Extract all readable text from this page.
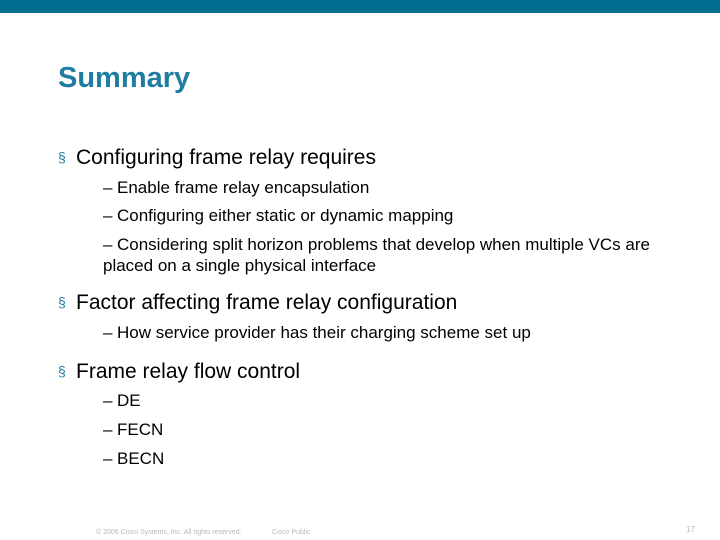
Summary
§ Configuring frame relay requires
– Enable frame relay encapsulation
– Configuring either static or dynamic mapping
– Considering split horizon problems that develop when multiple VCs are placed on a single physical interface
§ Factor affecting frame relay configuration
– How service provider has their charging scheme set up
§ Frame relay flow control
– DE
– FECN
– BECN
© 2006 Cisco Systems, Inc. All rights reserved.	Cisco Public	17
